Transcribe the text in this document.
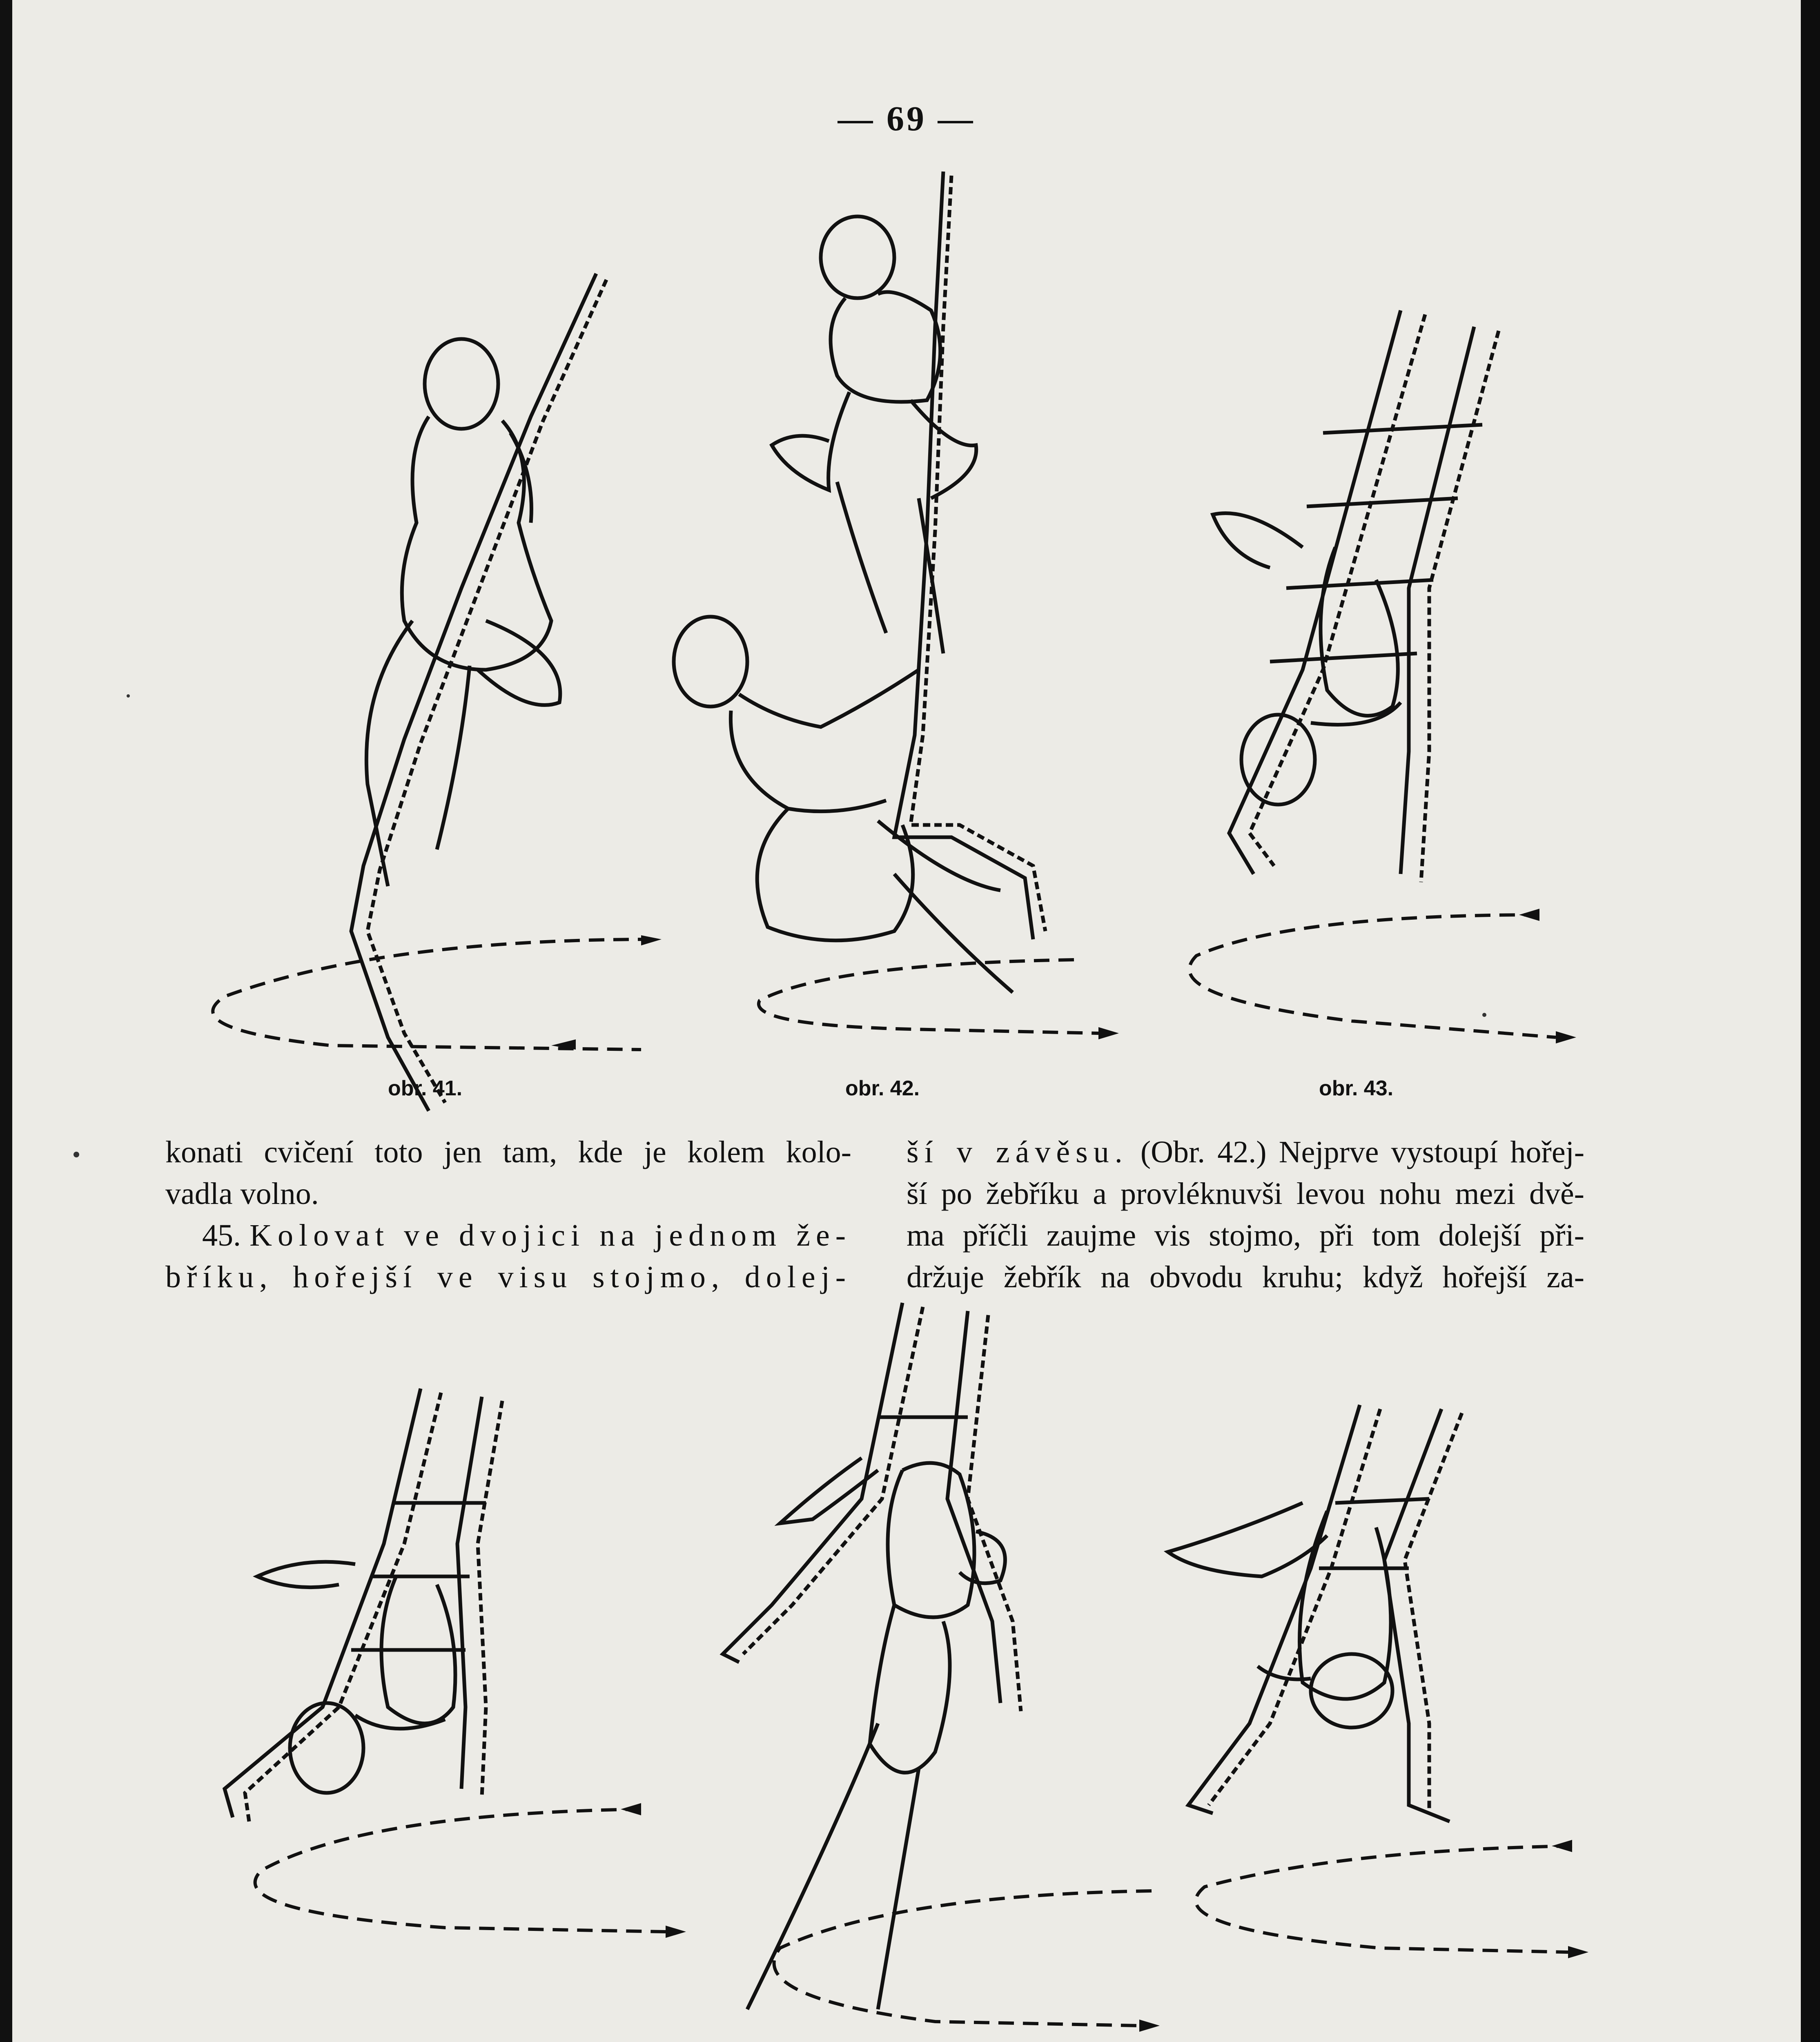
— 69 —
obr. 41.	obr. 42.	obr. 43.

konati cvičení toto jen tam, kde je kolem kolo-

vadla volno.

45. Kolovat ve dvojici na jednom že-

bříku, hořejší ve visu stojmo, dolej-

ší v závěsu. (Obr. 42.) Nejprve vystoupí hořej-

ší po žebříku a provléknuvši levou nohu mezi dvě-

ma příčli zaujme vis stojmo, při tom dolejší při-

držuje žebřík na obvodu kruhu; když hořejší za-
